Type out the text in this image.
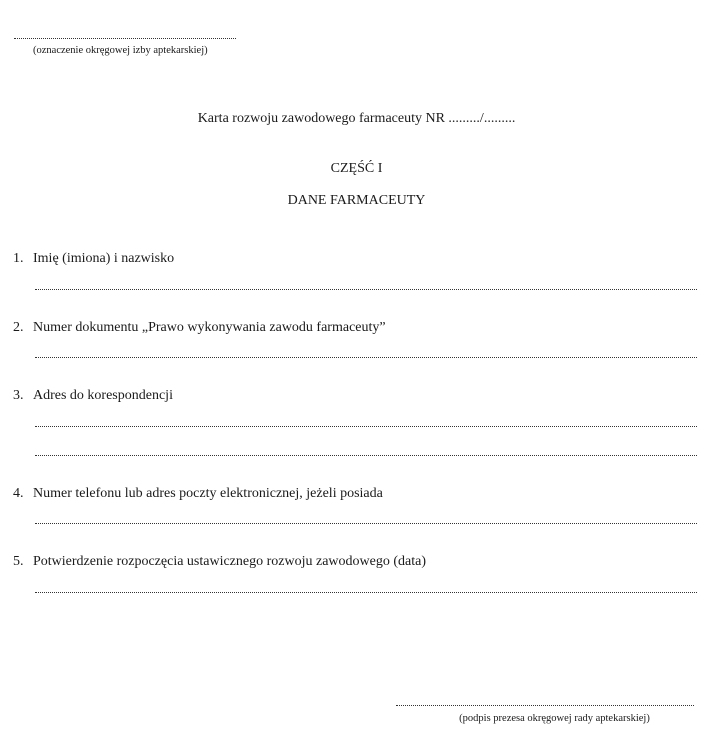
(oznaczenie okręgowej izby aptekarskiej)
Karta rozwoju zawodowego farmaceuty NR ........./.........
CZĘŚĆ I
DANE FARMACEUTY
1. Imię (imiona) i nazwisko
2. Numer dokumentu „Prawo wykonywania zawodu farmaceuty”
3. Adres do korespondencji
4. Numer telefonu lub adres poczty elektronicznej, jeżeli posiada
5. Potwierdzenie rozpoczęcia ustawicznego rozwoju zawodowego (data)
(podpis prezesa okręgowej rady aptekarskiej)
